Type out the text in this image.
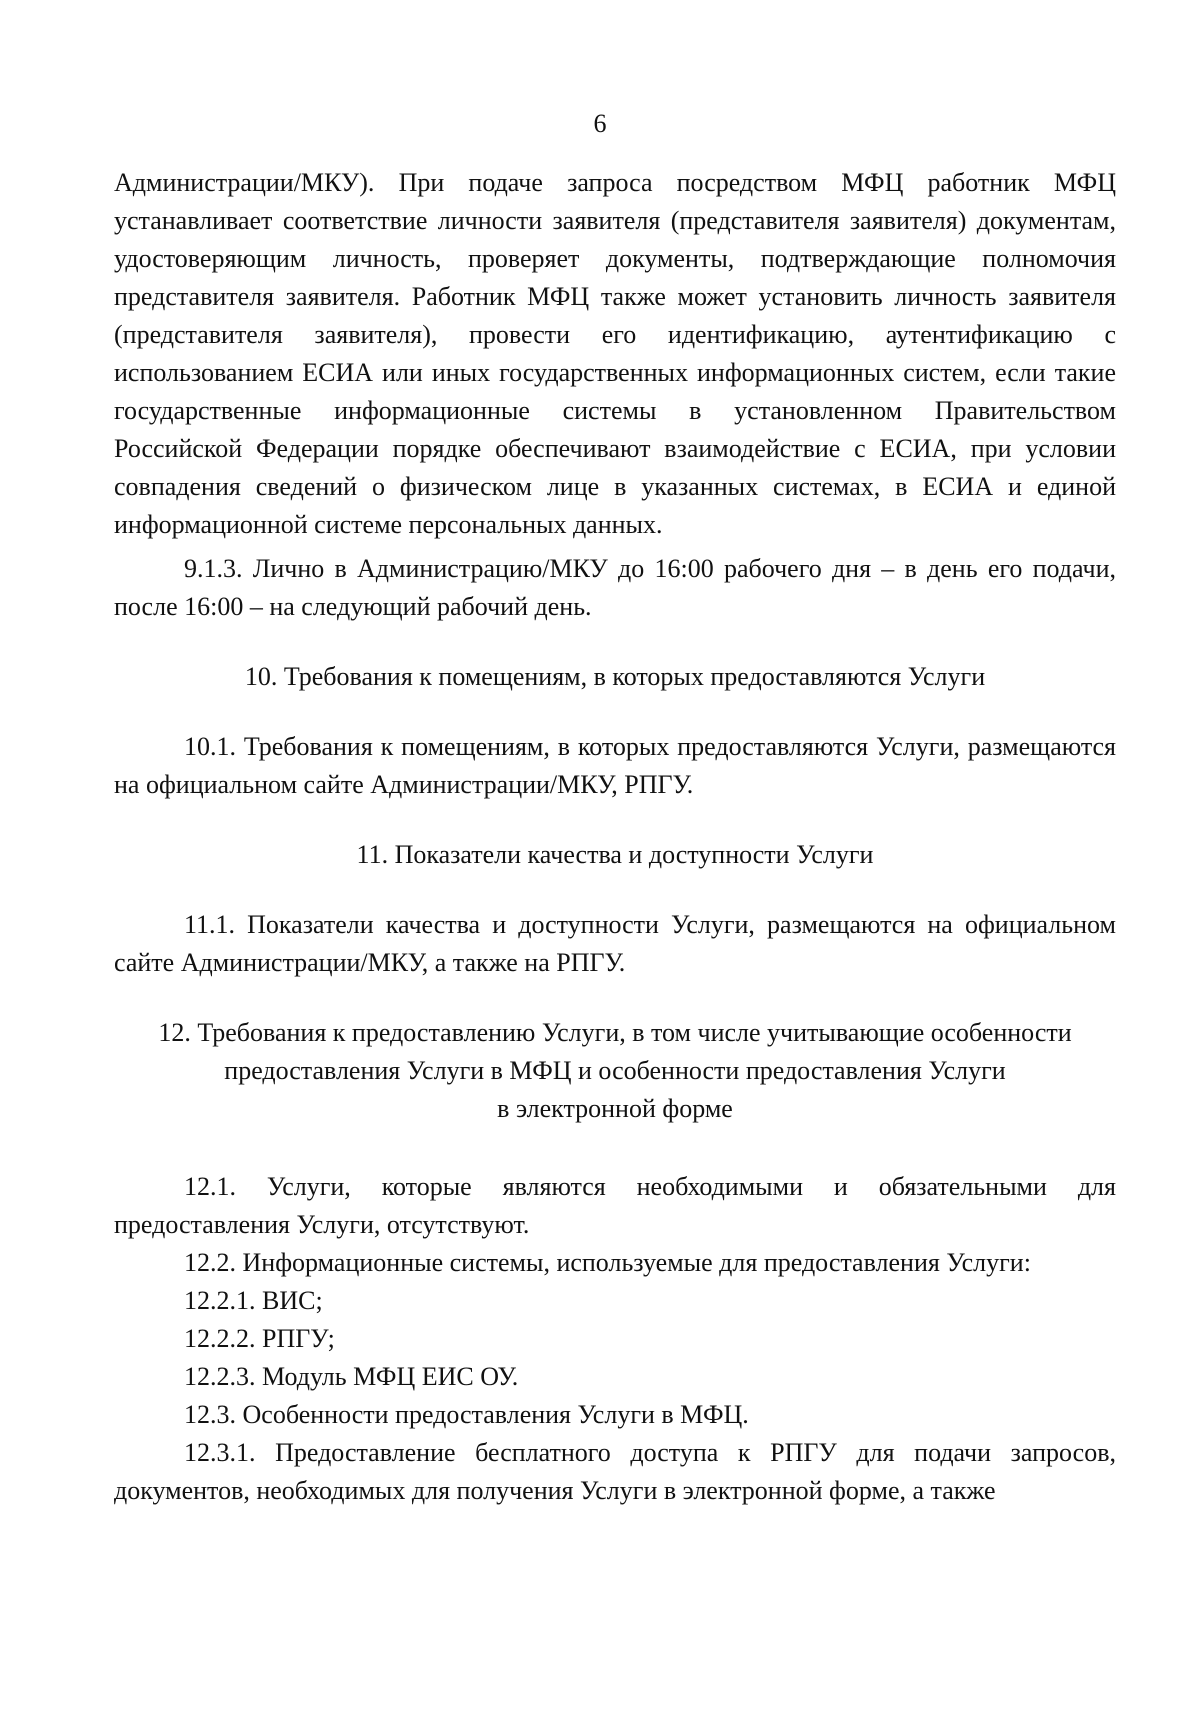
6

Администрации/МКУ). При подаче запроса посредством МФЦ работник МФЦ устанавливает соответствие личности заявителя (представителя заявителя) документам, удостоверяющим личность, проверяет документы, подтверждающие полномочия представителя заявителя. Работник МФЦ также может установить личность заявителя (представителя заявителя), провести его идентификацию, аутентификацию с использованием ЕСИА или иных государственных информационных систем, если такие государственные информационные системы в установленном Правительством Российской Федерации порядке обеспечивают взаимодействие с ЕСИА, при условии совпадения сведений о физическом лице в указанных системах, в ЕСИА и единой информационной системе персональных данных.

9.1.3. Лично в Администрацию/МКУ до 16:00 рабочего дня – в день его подачи, после 16:00 – на следующий рабочий день.

10. Требования к помещениям, в которых предоставляются Услуги

10.1. Требования к помещениям, в которых предоставляются Услуги, размещаются на официальном сайте Администрации/МКУ, РПГУ.

11. Показатели качества и доступности Услуги

11.1. Показатели качества и доступности Услуги, размещаются на официальном сайте Администрации/МКУ, а также на РПГУ.

12. Требования к предоставлению Услуги, в том числе учитывающие особенности
предоставления Услуги в МФЦ и особенности предоставления Услуги
в электронной форме

12.1. Услуги, которые являются необходимыми и обязательными для предоставления Услуги, отсутствуют.

12.2. Информационные системы, используемые для предоставления Услуги:

12.2.1. ВИС;

12.2.2. РПГУ;

12.2.3. Модуль МФЦ ЕИС ОУ.

12.3. Особенности предоставления Услуги в МФЦ.

12.3.1. Предоставление бесплатного доступа к РПГУ для подачи запросов, документов, необходимых для получения Услуги в электронной форме, а также
